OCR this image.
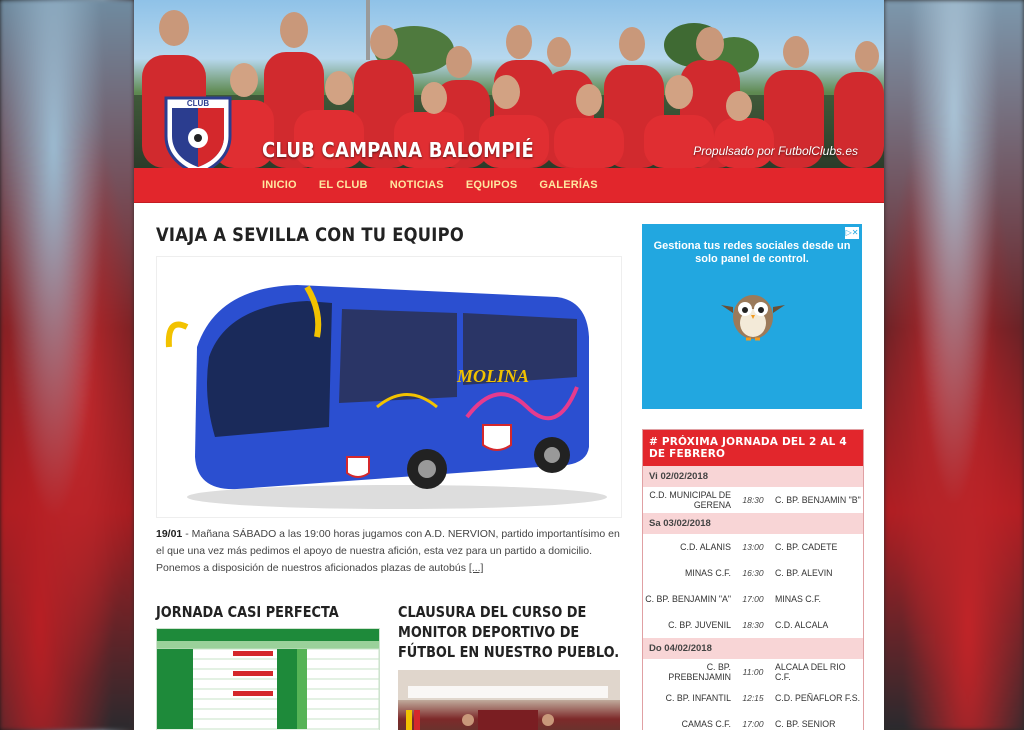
CLUB
CLUB CAMPANA BALOMPIÉ	Propulsado por FutbolClubs.es
INICIO EL CLUB NOTICIAS EQUIPOS GALERÍAS
VIAJA A SEVILLA CON TU EQUIPO
MOLINA
19/01 - Mañana SÁBADO a las 19:00 horas jugamos con A.D. NERVION, partido importantísimo en el que una vez más pedimos el apoyo de nuestra afición, esta vez para un partido a domicilio. Ponemos a disposición de nuestros aficionados plazas de autobús [...]
JORNADA CASI PERFECTA	CLAUSURA DEL CURSO DE MONITOR DEPORTIVO DE FÚTBOL EN NUESTRO PUEBLO.
▷✕
Gestiona tus redes sociales desde un solo panel de control.
# PRÓXIMA JORNADA DEL 2 AL 4 DE FEBRERO
Vi 02/02/2018
C.D. MUNICIPAL DE GERENA	18:30	C. BP. BENJAMIN "B"
Sa 03/02/2018
C.D. ALANIS	13:00	C. BP. CADETE
MINAS C.F.	16:30	C. BP. ALEVIN
C. BP. BENJAMIN "A"	17:00	MINAS C.F.
C. BP. JUVENIL	18:30	C.D. ALCALA
Do 04/02/2018
C. BP. PREBENJAMIN	11:00	ALCALA DEL RIO C.F.
C. BP. INFANTIL	12:15	C.D. PEÑAFLOR F.S.
CAMAS C.F.	17:00	C. BP. SENIOR
